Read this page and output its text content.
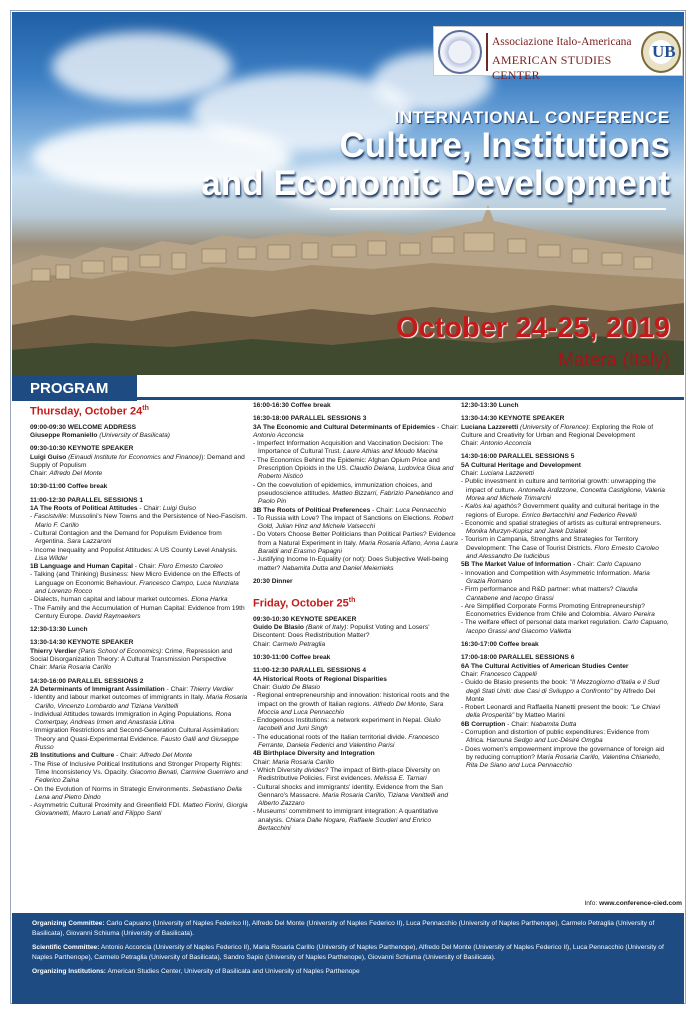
Associazione Italo-Americana
AMERICAN STUDIES CENTER
UB
INTERNATIONAL CONFERENCE
Culture, Institutions
and Economic Development
October 24-25, 2019
Matera (Italy)
PROGRAM
Thursday, October 24th
09:00-09:30 WELCOME ADDRESS
Giuseppe Romaniello (University of Basilicata)
09:30-10:30 KEYNOTE SPEAKER
Luigi Guiso (Einaudi Institute for Economics and Finance)): Demand and Supply of Populism
Chair: Alfredo Del Monte
10:30-11:00 Coffee break
11:00-12:30 PARALLEL SESSIONS 1
1A The Roots of Political Attitudes - Chair: Luigi Guiso
- Fascistville: Mussolini's New Towns and the Persistence of Neo-Fascism. Mario F. Carillo
- Cultural Contagion and the Demand for Populism Evidence from Argentina. Sara Lazzaroni
- Income Inequality and Populist Attitudes: A US County Level Analysis. Lisa Wilder
1B Language and Human Capital - Chair: Floro Ernesto Caroleo
- Talking (and Thinking) Business: New Micro Evidence on the Effects of Language on Economic Behaviour. Francesco Campo, Luca Nunziata and Lorenzo Rocco
- Dialects, human capital and labour market outcomes. Elona Harka
- The Family and the Accumulation of Human Capital: Evidence from 19th Century Europe. David Raymaekers
12:30-13:30 Lunch
13:30-14:30 KEYNOTE SPEAKER
Thierry Verdier (Paris School of Economics): Crime, Repression and Social Disorganization Theory: A Cultural Transmission Perspective
Chair: Maria Rosaria Carillo
14:30-16:00 PARALLEL SESSIONS 2
2A Determinants of Immigrant Assimilation - Chair: Thierry Verdier
- Identity and labour market outcomes of immigrants in Italy. Maria Rosaria Carillo, Vincenzo Lombardo and Tiziana Venittelli
- Individual Attitudes towards Immigration in Aging Populations. Rona Comertpay, Andreas Irmen and Anastasia Litina
- Immigration Restrictions and Second-Generation Cultural Assimilation: Theory and Quasi-Experimental Evidence. Fausto Galli and Giuseppe Russo
2B Institutions and Culture - Chair: Alfredo Del Monte
- The Rise of Inclusive Political Institutions and Stronger Property Rights: Time Inconsistency Vs. Opacity. Giacomo Benati, Carmine Guerriero and Federico Zaina
- On the Evolution of Norms in Strategic Environments. Sebastiano Della Lena and Pietro Dindo
- Asymmetric Cultural Proximity and Greenfield FDI. Matteo Fiorini, Giorgia Giovannetti, Mauro Lanati and Filippo Santi
16:00-16:30 Coffee break
16:30-18:00 PARALLEL SESSIONS 3
3A The Economic and Cultural Determinants of Epidemics - Chair: Antonio Acconcia
- Imperfect Information Acquisition and Vaccination Decision: The Importance of Cultural Trust. Laure Athias and Moudo Macina
- The Economics Behind the Epidemic: Afghan Opium Price and Prescription Opioids in the US. Claudio Deiana, Ludovica Giua and Roberto Nisticò
- On the coevolution of epidemics, immunization choices, and pseudoscience attitudes. Matteo Bizzarri, Fabrizio Panebianco and Paolo Pin
3B The Roots of Political Preferences - Chair: Luca Pennacchio
- To Russia with Love? The Impact of Sanctions on Elections. Robert Gold, Julian Hinz and Michele Valsecchi
- Do Voters Choose Better Politicians than Political Parties? Evidence from a Natural Experiment in Italy. Maria Rosaria Alfano, Anna Laura Baraldi and Erasmo Papagni
- Justifying Income In-Equality (or not): Does Subjective Well-being matter? Nabamita Dutta and Daniel Meierrieks
20:30 Dinner
Friday, October 25th
09:30-10:30 KEYNOTE SPEAKER
Guido De Blasio (Bank of Italy): Populist Voting and Losers' Discontent: Does Redistribution Matter?
Chair: Carmelo Petraglia
10:30-11:00 Coffee break
11:00-12:30 PARALLEL SESSIONS 4
4A Historical Roots of Regional Disparities
Chair: Guido De Blasio
- Regional entrepreneurship and innovation: historical roots and the impact on the growth of Italian regions. Alfredo Del Monte, Sara Moccia and Luca Pennacchio
- Endogenous Institutions: a network experiment in Nepal. Giulio Iacobelli and Juni Singh
- The educational roots of the Italian territorial divide. Francesco Ferrante, Daniela Federici and Valentino Parisi
4B Birthplace Diversity and Integration
Chair: Maria Rosaria Carillo
- Which Diversity divides? The impact of Birth-place Diversity on Redistributive Policies. First evidences. Melissa E. Tarnari
- Cultural shocks and immigrants' identity. Evidence from the San Gennaro's Massacre. Maria Rosaria Carillo, Tiziana Venittelli and Alberto Zazzaro
- Museums' commitment to immigrant integration: A quantitative analysis. Chiara Dalle Nogare, Raffaele Scuderi and Enrico Bertacchini
12:30-13:30 Lunch
13:30-14:30 KEYNOTE SPEAKER
Luciana Lazzeretti (University of Florence): Exploring the Role of Culture and Creativity for Urban and Regional Development
Chair: Antonio Acconcia
14:30-16:00 PARALLEL SESSIONS 5
5A Cultural Heritage and Development
Chair: Luciana Lazzeretti
- Public investment in culture and territorial growth: unwrapping the impact of culture. Antonella Ardizzone, Concetta Castiglione, Valeria Morea and Michele Trimarchi
- Kalòs kai agathòs? Government quality and cultural heritage in the regions of Europe. Enrico Bertacchini and Federico Revelli
- Economic and spatial strategies of artists as cultural entrepreneurs. Monika Murzyn-Kupisz and Jarek Dziatek
- Tourism in Campania, Strengths and Strategies for Territory Development: The Case of Tourist Districts. Floro Ernesto Caroleo and Alessandro De Iudicibus
5B The Market Value of Information - Chair: Carlo Capuano
- Innovation and Competition with Asymmetric Information. Maria Grazia Romano
- Firm performance and R&D partner: what matters? Claudia Cantabene and Iacopo Grassi
- Are Simplified Corporate Forms Promoting Entrepreneurship? Econometrics Evidence from Chile and Colombia. Alvaro Pereira
- The welfare effect of personal data market regulation. Carlo Capuano, Iacopo Grassi and Giacomo Valletta
16:30-17:00 Coffee break
17:00-18:00 PARALLEL SESSIONS 6
6A The Cultural Activities of American Studies Center
Chair: Francesco Cappelli
- Guido de Blasio presents the book: "Il Mezzogiorno d'Italia e il Sud degli Stati Uniti: due Casi di Sviluppo a Confronto" by Alfredo Del Monte
- Robert Leonardi and Raffaella Nanetti present the book: "Le Chiavi della Prosperità" by Matteo Marini
6B Corruption - Chair: Nabamita Dutta
- Corruption and distortion of public expenditures: Evidence from Africa. Harouna Sedgo and Luc-Désiré Omgba
- Does women's empowerment improve the governance of foreign aid by reducing corruption? Maria Rosaria Carillo, Valentina Chiariello, Rita De Siano and Luca Pennacchio
Info: www.conference-cied.com

Organizing Committee: Carlo Capuano (University of Naples Federico II), Alfredo Del Monte (University of Naples Federico II), Luca Pennacchio (University of Naples Parthenope), Carmelo Petraglia (University of Basilicata), Giovanni Schiuma (University of Basilicata).

Scientific Committee: Antonio Acconcia (University of Naples Federico II), Maria Rosaria Carillo (University of Naples Parthenope), Alfredo Del Monte (University of Naples Federico II), Luca Pennacchio (University of Naples Parthenope), Carmelo Petraglia (University of Basilicata), Sandro Sapio (University of Naples Parthenope), Giovanni Schiuma (University of Basilicata).

Organizing Institutions: American Studies Center, University of Basilicata and University of Naples Parthenope
